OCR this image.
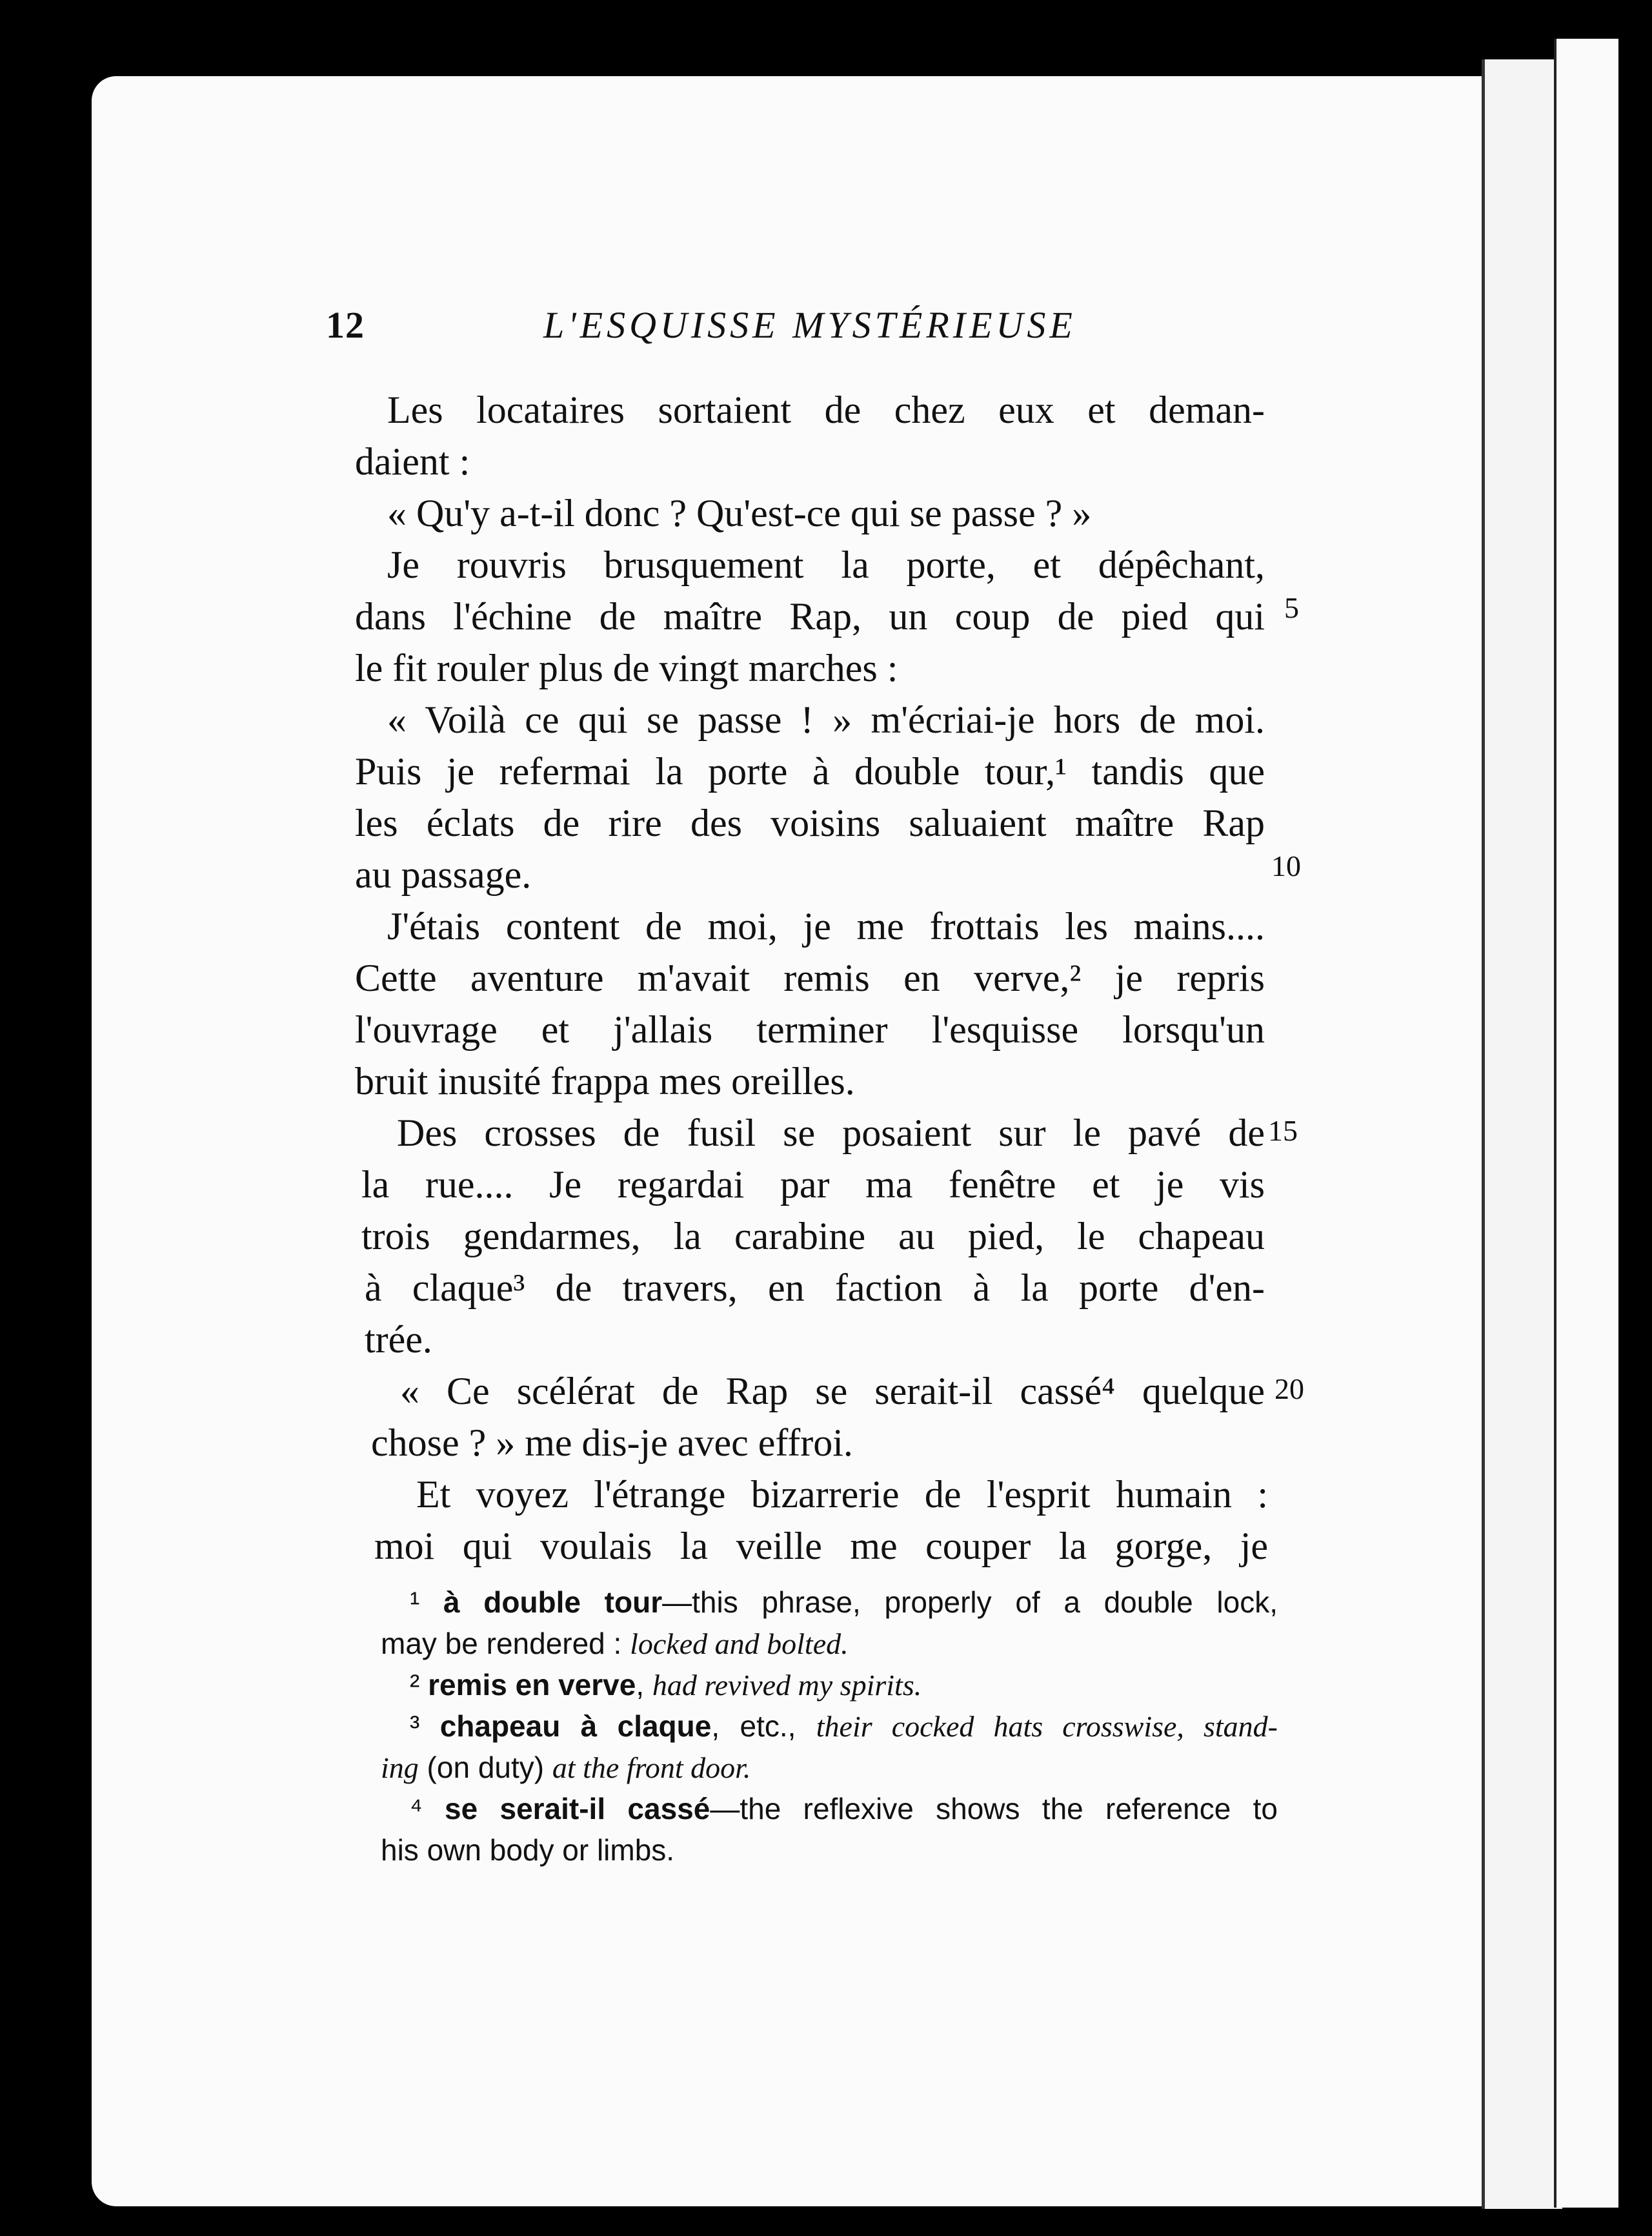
12	L'ESQUISSE MYSTÉRIEUSE
Les locataires sortaient de chez eux et deman-
daient :
« Qu'y a-t-il donc ? Qu'est-ce qui se passe ? »
Je rouvris brusquement la porte, et dépêchant,
dans l'échine de maître Rap, un coup de pied qui
le fit rouler plus de vingt marches :
« Voilà ce qui se passe ! » m'écriai-je hors de moi.
Puis je refermai la porte à double tour,¹ tandis que
les éclats de rire des voisins saluaient maître Rap
au passage.
J'étais content de moi, je me frottais les mains....
Cette aventure m'avait remis en verve,² je repris
l'ouvrage et j'allais terminer l'esquisse lorsqu'un
bruit inusité frappa mes oreilles.
Des crosses de fusil se posaient sur le pavé de
la rue.... Je regardai par ma fenêtre et je vis
trois gendarmes, la carabine au pied, le chapeau
à claque³ de travers, en faction à la porte d'en-
trée.
« Ce scélérat de Rap se serait-il cassé⁴ quelque
chose ? » me dis-je avec effroi.
Et voyez l'étrange bizarrerie de l'esprit humain :
moi qui voulais la veille me couper la gorge, je
5
10
15
20
¹ à double tour—this phrase, properly of a double lock,
may be rendered : locked and bolted.
² remis en verve, had revived my spirits.
³ chapeau à claque, etc., their cocked hats crosswise, stand-
ing (on duty) at the front door.
⁴ se serait-il cassé—the reflexive shows the reference to
his own body or limbs.
